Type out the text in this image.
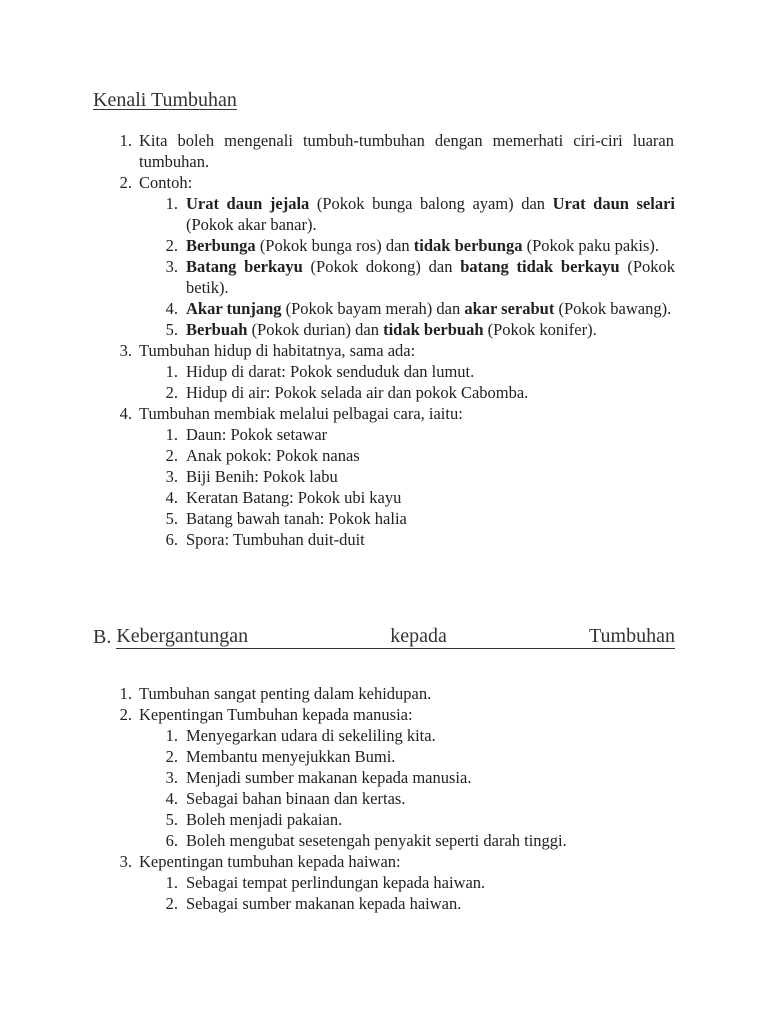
Kenali Tumbuhan
1. Kita boleh mengenali tumbuh-tumbuhan dengan memerhati ciri-ciri luaran tumbuhan.
2. Contoh:
1. Urat daun jejala (Pokok bunga balong ayam) dan Urat daun selari (Pokok akar banar).
2. Berbunga (Pokok bunga ros) dan tidak berbunga (Pokok paku pakis).
3. Batang berkayu (Pokok dokong) dan batang tidak berkayu (Pokok betik).
4. Akar tunjang (Pokok bayam merah) dan akar serabut (Pokok bawang).
5. Berbuah (Pokok durian) dan tidak berbuah (Pokok konifer).
3. Tumbuhan hidup di habitatnya, sama ada:
1. Hidup di darat: Pokok senduduk dan lumut.
2. Hidup di air: Pokok selada air dan pokok Cabomba.
4. Tumbuhan membiak melalui pelbagai cara, iaitu:
1. Daun: Pokok setawar
2. Anak pokok: Pokok nanas
3. Biji Benih: Pokok labu
4. Keratan Batang: Pokok ubi kayu
5. Batang bawah tanah: Pokok halia
6. Spora: Tumbuhan duit-duit
B. Kebergantungan	kepada	Tumbuhan
1. Tumbuhan sangat penting dalam kehidupan.
2. Kepentingan Tumbuhan kepada manusia:
1. Menyegarkan udara di sekeliling kita.
2. Membantu menyejukkan Bumi.
3. Menjadi sumber makanan kepada manusia.
4. Sebagai bahan binaan dan kertas.
5. Boleh menjadi pakaian.
6. Boleh mengubat sesetengah penyakit seperti darah tinggi.
3. Kepentingan tumbuhan kepada haiwan:
1. Sebagai tempat perlindungan kepada haiwan.
2. Sebagai sumber makanan kepada haiwan.
